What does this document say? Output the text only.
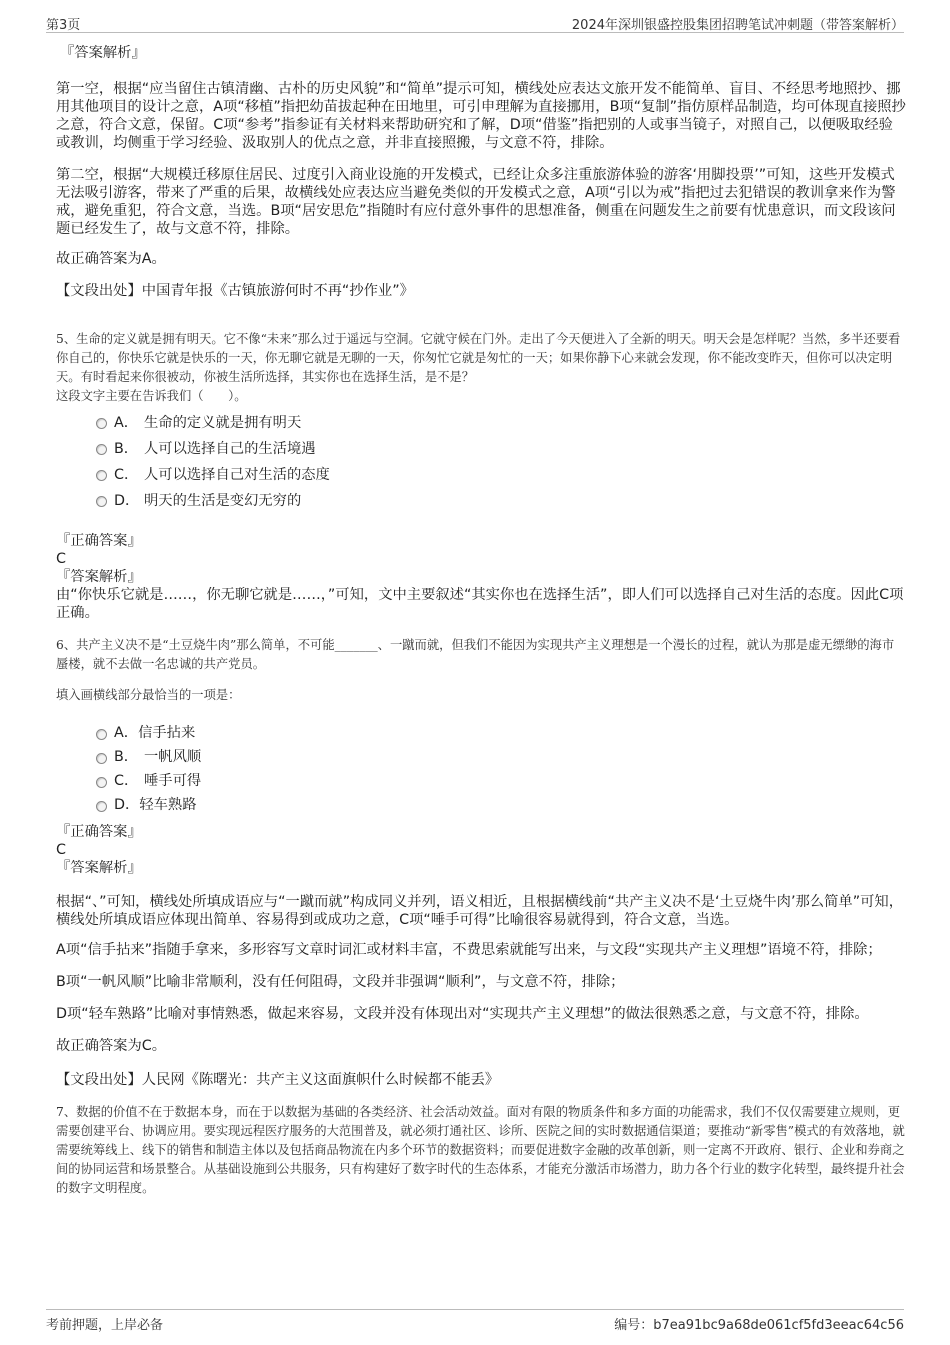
第3页	2024年深圳银盛控股集团招聘笔试冲刺题（带答案解析）

『答案解析』

第一空，根据“应当留住古镇清幽、古朴的历史风貌”和“简单”提示可知，横线处应表达文旅开发不能简单、盲目、不经思考地照抄、挪用其他项目的设计之意，A项“移植”指把幼苗拔起种在田地里，可引申理解为直接挪用，B项“复制”指仿原样品制造，均可体现直接照抄之意，符合文意，保留。C项“参考”指参证有关材料来帮助研究和了解，D项“借鉴”指把别的人或事当镜子，对照自己，以便吸取经验或教训，均侧重于学习经验、汲取别人的优点之意，并非直接照搬，与文意不符，排除。

第二空，根据“大规模迁移原住居民、过度引入商业设施的开发模式，已经让众多注重旅游体验的游客‘用脚投票’”可知，这些开发模式无法吸引游客，带来了严重的后果，故横线处应表达应当避免类似的开发模式之意，A项“引以为戒”指把过去犯错误的教训拿来作为警戒，避免重犯，符合文意，当选。B项“居安思危”指随时有应付意外事件的思想准备，侧重在问题发生之前要有忧患意识，而文段该问题已经发生了，故与文意不符，排除。

故正确答案为A。

【文段出处】中国青年报《古镇旅游何时不再“抄作业”》

5、生命的定义就是拥有明天。它不像“未来”那么过于遥远与空洞。它就守候在门外。走出了今天便进入了全新的明天。明天会是怎样呢？当然，多半还要看你自己的，你快乐它就是快乐的一天，你无聊它就是无聊的一天，你匆忙它就是匆忙的一天；如果你静下心来就会发现，你不能改变昨天，但你可以决定明天。有时看起来你很被动，你被生活所选择，其实你也在选择生活，是不是？

这段文字主要在告诉我们（　　）。

A． 生命的定义就是拥有明天
B． 人可以选择自己的生活境遇
C． 人可以选择自己对生活的态度
D． 明天的生活是变幻无穷的

『正确答案』

C

『答案解析』

由“你快乐它就是……，你无聊它就是……，”可知，文中主要叙述“其实你也在选择生活”，即人们可以选择自己对生活的态度。因此C项正确。

6、共产主义决不是“土豆烧牛肉”那么简单，不可能_______、一蹴而就，但我们不能因为实现共产主义理想是一个漫长的过程，就认为那是虚无缥缈的海市蜃楼，就不去做一名忠诚的共产党员。

填入画横线部分最恰当的一项是：

A．信手拈来
B． 一帆风顺
C． 唾手可得
D．轻车熟路

『正确答案』

C

『答案解析』

根据“、”可知，横线处所填成语应与“一蹴而就”构成同义并列，语义相近，且根据横线前“共产主义决不是‘土豆烧牛肉’那么简单”可知，横线处所填成语应体现出简单、容易得到或成功之意，C项“唾手可得”比喻很容易就得到，符合文意，当选。

A项“信手拈来”指随手拿来，多形容写文章时词汇或材料丰富，不费思索就能写出来，与文段“实现共产主义理想”语境不符，排除；

B项“一帆风顺”比喻非常顺利，没有任何阻碍，文段并非强调“顺利”，与文意不符，排除；

D项“轻车熟路”比喻对事情熟悉，做起来容易，文段并没有体现出对“实现共产主义理想”的做法很熟悉之意，与文意不符，排除。

故正确答案为C。

【文段出处】人民网《陈曙光：共产主义这面旗帜什么时候都不能丢》

7、数据的价值不在于数据本身，而在于以数据为基础的各类经济、社会活动效益。面对有限的物质条件和多方面的功能需求，我们不仅仅需要建立规则，更需要创建平台、协调应用。要实现远程医疗服务的大范围普及，就必须打通社区、诊所、医院之间的实时数据通信渠道；要推动“新零售”模式的有效落地，就需要统筹线上、线下的销售和制造主体以及包括商品物流在内多个环节的数据资料；而要促进数字金融的改革创新，则一定离不开政府、银行、企业和券商之间的协同运营和场景整合。从基础设施到公共服务，只有构建好了数字时代的生态体系，才能充分激活市场潜力，助力各个行业的数字化转型，最终提升社会的数字文明程度。

考前押题，上岸必备	编号：b7ea91bc9a68de061cf5fd3eeac64c56
